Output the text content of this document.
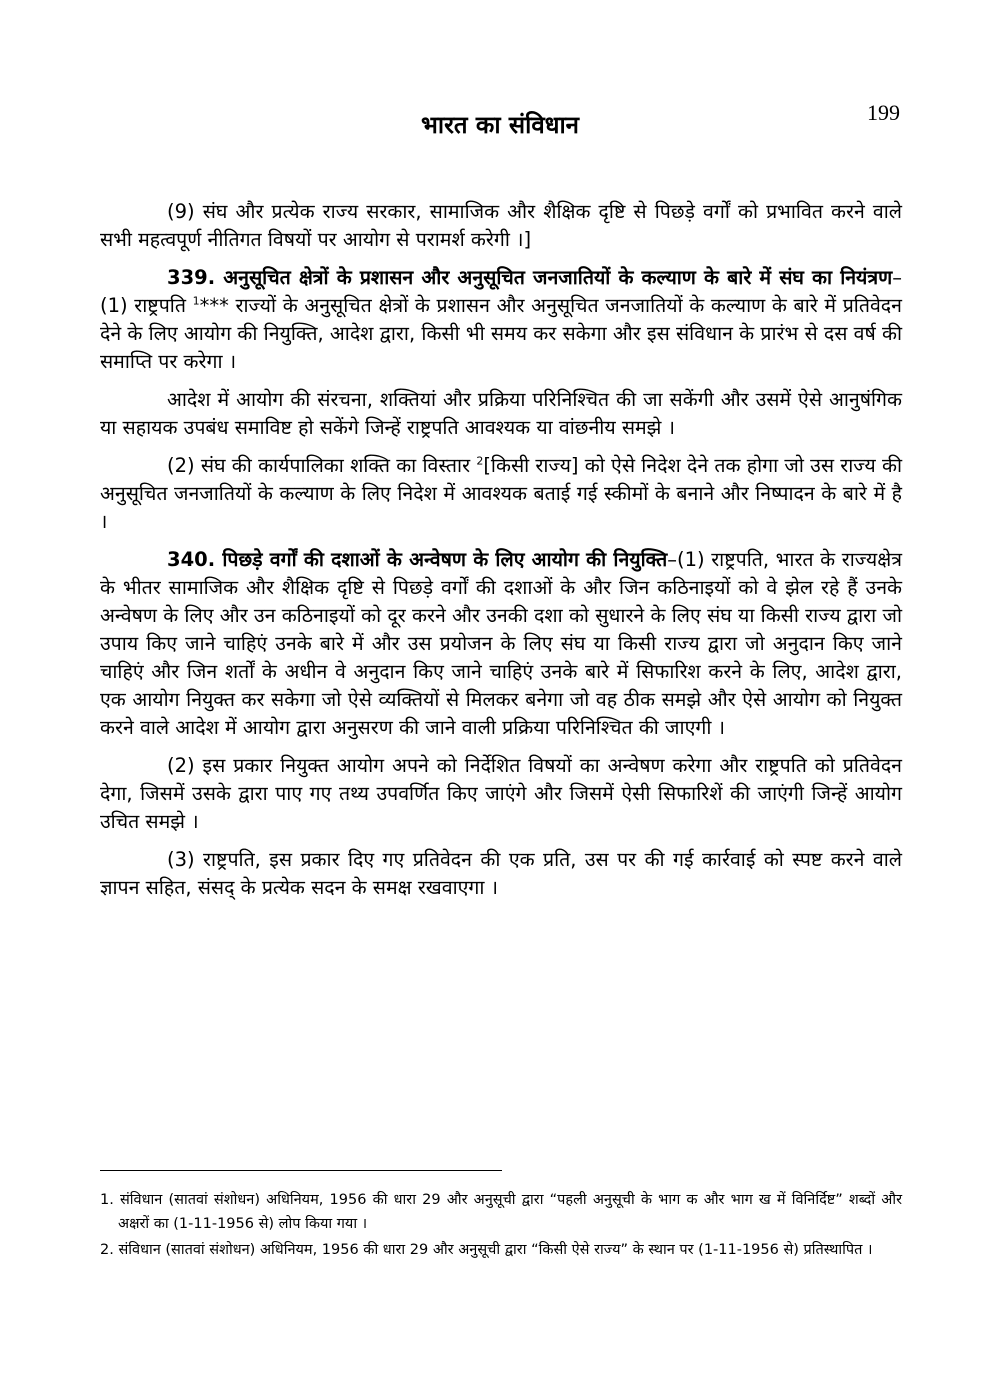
भारत का संविधान	199

(9) संघ और प्रत्येक राज्य सरकार, सामाजिक और शैक्षिक दृष्टि से पिछड़े वर्गों को प्रभावित करने वाले सभी महत्वपूर्ण नीतिगत विषयों पर आयोग से परामर्श करेगी ।]

339. अनुसूचित क्षेत्रों के प्रशासन और अनुसूचित जनजातियों के कल्याण के बारे में संघ का नियंत्रण–(1) राष्ट्रपति $^1$*** राज्यों के अनुसूचित क्षेत्रों के प्रशासन और अनुसूचित जनजातियों के कल्याण के बारे में प्रतिवेदन देने के लिए आयोग की नियुक्ति, आदेश द्वारा, किसी भी समय कर सकेगा और इस संविधान के प्रारंभ से दस वर्ष की समाप्ति पर करेगा ।

आदेश में आयोग की संरचना, शक्तियां और प्रक्रिया परिनिश्चित की जा सकेंगी और उसमें ऐसे आनुषंगिक या सहायक उपबंध समाविष्ट हो सकेंगे जिन्हें राष्ट्रपति आवश्यक या वांछनीय समझे ।

(2) संघ की कार्यपालिका शक्ति का विस्तार $^2$[किसी राज्य] को ऐसे निदेश देने तक होगा जो उस राज्य की अनुसूचित जनजातियों के कल्याण के लिए निदेश में आवश्यक बताई गई स्कीमों के बनाने और निष्पादन के बारे में है ।

340. पिछड़े वर्गों की दशाओं के अन्वेषण के लिए आयोग की नियुक्ति–(1) राष्ट्रपति, भारत के राज्यक्षेत्र के भीतर सामाजिक और शैक्षिक दृष्टि से पिछड़े वर्गों की दशाओं के और जिन कठिनाइयों को वे झेल रहे हैं उनके अन्वेषण के लिए और उन कठिनाइयों को दूर करने और उनकी दशा को सुधारने के लिए संघ या किसी राज्य द्वारा जो उपाय किए जाने चाहिएं उनके बारे में और उस प्रयोजन के लिए संघ या किसी राज्य द्वारा जो अनुदान किए जाने चाहिएं और जिन शर्तों के अधीन वे अनुदान किए जाने चाहिएं उनके बारे में सिफारिश करने के लिए, आदेश द्वारा, एक आयोग नियुक्त कर सकेगा जो ऐसे व्यक्तियों से मिलकर बनेगा जो वह ठीक समझे और ऐसे आयोग को नियुक्त करने वाले आदेश में आयोग द्वारा अनुसरण की जाने वाली प्रक्रिया परिनिश्चित की जाएगी ।

(2) इस प्रकार नियुक्त आयोग अपने को निर्देशित विषयों का अन्वेषण करेगा और राष्ट्रपति को प्रतिवेदन देगा, जिसमें उसके द्वारा पाए गए तथ्य उपवर्णित किए जाएंगे और जिसमें ऐसी सिफारिशें की जाएंगी जिन्हें आयोग उचित समझे ।

(3) राष्ट्रपति, इस प्रकार दिए गए प्रतिवेदन की एक प्रति, उस पर की गई कार्रवाई को स्पष्ट करने वाले ज्ञापन सहित, संसद् के प्रत्येक सदन के समक्ष रखवाएगा ।

1. संविधान (सातवां संशोधन) अधिनियम, 1956 की धारा 29 और अनुसूची द्वारा “पहली अनुसूची के भाग क और भाग ख में विनिर्दिष्ट” शब्दों और अक्षरों का (1-11-1956 से) लोप किया गया ।

2. संविधान (सातवां संशोधन) अधिनियम, 1956 की धारा 29 और अनुसूची द्वारा “किसी ऐसे राज्य” के स्थान पर (1-11-1956 से) प्रतिस्थापित ।
